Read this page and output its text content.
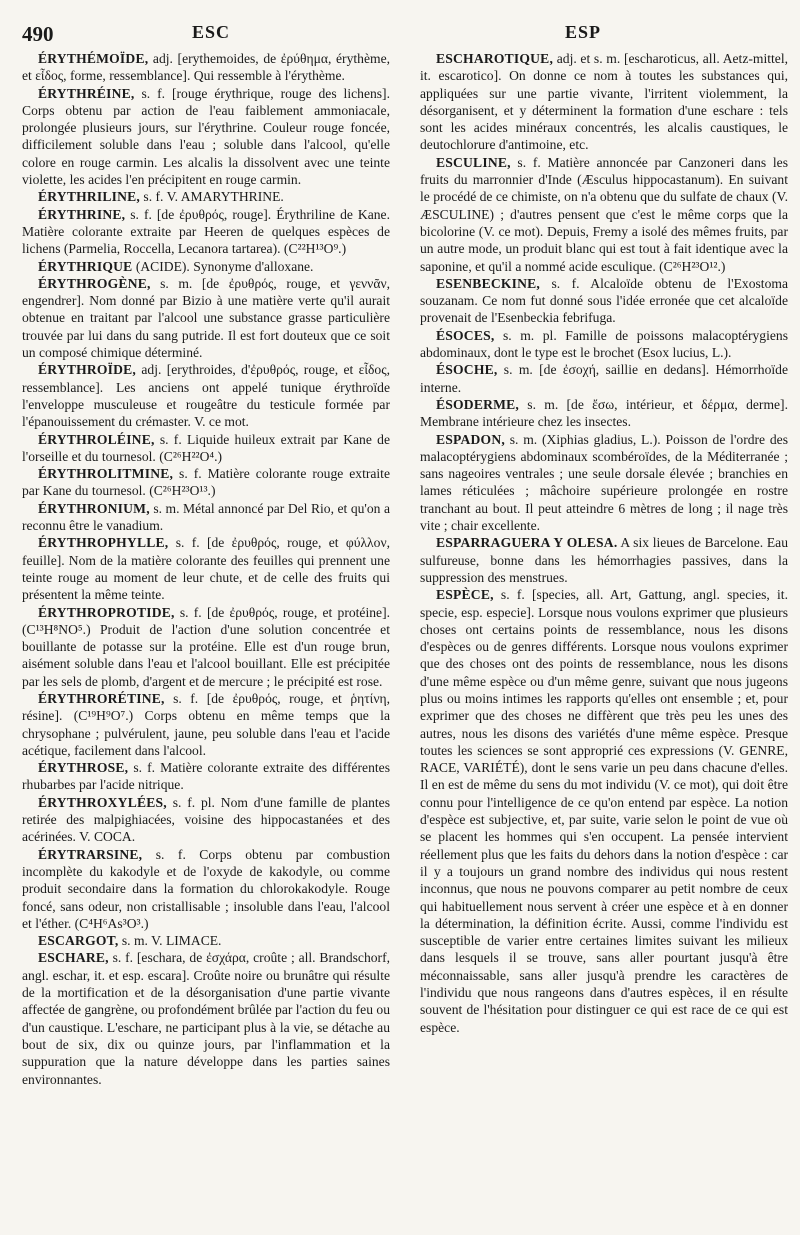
490	ESC	ESP

ÉRYTHÉMOÏDE, adj. [erythemoides, de ἐρύθημα, érythème, et εἶδος, forme, ressemblance]. Qui ressemble à l'érythème.

ÉRYTHRÉINE, s. f. [rouge érythrique, rouge des lichens]. Corps obtenu par action de l'eau faiblement ammoniacale, prolongée plusieurs jours, sur l'érythrine. Couleur rouge foncée, difficilement soluble dans l'eau ; soluble dans l'alcool, qu'elle colore en rouge carmin. Les alcalis la dissolvent avec une teinte violette, les acides l'en précipitent en rouge carmin.

ÉRYTHRILINE, s. f. V. AMARYTHRINE.

ÉRYTHRINE, s. f. [de ἐρυθρός, rouge]. Érythriline de Kane. Matière colorante extraite par Heeren de quelques espèces de lichens (Parmelia, Roccella, Lecanora tartarea). (C²²H¹³O⁹.)

ÉRYTHRIQUE (ACIDE). Synonyme d'alloxane.

ÉRYTHROGÈNE, s. m. [de ἐρυθρός, rouge, et γεννᾶν, engendrer]. Nom donné par Bizio à une matière verte qu'il aurait obtenue en traitant par l'alcool une substance grasse particulière trouvée par lui dans du sang putride. Il est fort douteux que ce soit un composé chimique déterminé.

ÉRYTHROÏDE, adj. [erythroides, d'ἐρυθρός, rouge, et εἶδος, ressemblance]. Les anciens ont appelé tunique érythroïde l'enveloppe musculeuse et rougeâtre du testicule formée par l'épanouissement du crémaster. V. ce mot.

ÉRYTHROLÉINE, s. f. Liquide huileux extrait par Kane de l'orseille et du tournesol. (C²⁶H²²O⁴.)

ÉRYTHROLITMINE, s. f. Matière colorante rouge extraite par Kane du tournesol. (C²⁶H²³O¹³.)

ÉRYTHRONIUM, s. m. Métal annoncé par Del Rio, et qu'on a reconnu être le vanadium.

ÉRYTHROPHYLLE, s. f. [de ἐρυθρός, rouge, et φύλλον, feuille]. Nom de la matière colorante des feuilles qui prennent une teinte rouge au moment de leur chute, et de celle des fruits qui présentent la même teinte.

ÉRYTHROPROTIDE, s. f. [de ἐρυθρός, rouge, et protéine]. (C¹³H⁸NO⁵.) Produit de l'action d'une solution concentrée et bouillante de potasse sur la protéine. Elle est d'un rouge brun, aisément soluble dans l'eau et l'alcool bouillant. Elle est précipitée par les sels de plomb, d'argent et de mercure ; le précipité est rose.

ÉRYTHRORÉTINE, s. f. [de ἐρυθρός, rouge, et ῥητίνη, résine]. (C¹⁹H⁹O⁷.) Corps obtenu en même temps que la chrysophane ; pulvérulent, jaune, peu soluble dans l'eau et l'acide acétique, facilement dans l'alcool.

ÉRYTHROSE, s. f. Matière colorante extraite des différentes rhubarbes par l'acide nitrique.

ÉRYTHROXYLÉES, s. f. pl. Nom d'une famille de plantes retirée des malpighiacées, voisine des hippocastanées et des acérinées. V. COCA.

ÉRYTRARSINE, s. f. Corps obtenu par combustion incomplète du kakodyle et de l'oxyde de kakodyle, ou comme produit secondaire dans la formation du chlorokakodyle. Rouge foncé, sans odeur, non cristallisable ; insoluble dans l'eau, l'alcool et l'éther. (C⁴H⁶As³O³.)

ESCARGOT, s. m. V. LIMACE.

ESCHARE, s. f. [eschara, de ἐσχάρα, croûte ; all. Brandschorf, angl. eschar, it. et esp. escara]. Croûte noire ou brunâtre qui résulte de la mortification et de la désorganisation d'une partie vivante affectée de gangrène, ou profondément brûlée par l'action du feu ou d'un caustique. L'eschare, ne participant plus à la vie, se détache au bout de six, dix ou quinze jours, par l'inflammation et la suppuration que la nature développe dans les parties saines environnantes.

ESCHAROTIQUE, adj. et s. m. [escharoticus, all. Aetz-mittel, it. escarotico]. On donne ce nom à toutes les substances qui, appliquées sur une partie vivante, l'irritent violemment, la désorganisent, et y déterminent la formation d'une eschare : tels sont les acides minéraux concentrés, les alcalis caustiques, le deutochlorure d'antimoine, etc.

ESCULINE, s. f. Matière annoncée par Canzoneri dans les fruits du marronnier d'Inde (Æsculus hippocastanum). En suivant le procédé de ce chimiste, on n'a obtenu que du sulfate de chaux (V. ÆSCULINE) ; d'autres pensent que c'est le même corps que la bicolorine (V. ce mot). Depuis, Fremy a isolé des mêmes fruits, par un autre mode, un produit blanc qui est tout à fait identique avec la saponine, et qu'il a nommé acide esculique. (C²⁶H²³O¹².)

ESENBECKINE, s. f. Alcaloïde obtenu de l'Exostoma souzanam. Ce nom fut donné sous l'idée erronée que cet alcaloïde provenait de l'Esenbeckia febrifuga.

ÉSOCES, s. m. pl. Famille de poissons malacoptérygiens abdominaux, dont le type est le brochet (Esox lucius, L.).

ÉSOCHE, s. m. [de ἐσοχή, saillie en dedans]. Hémorrhoïde interne.

ÉSODERME, s. m. [de ἔσω, intérieur, et δέρμα, derme]. Membrane intérieure chez les insectes.

ESPADON, s. m. (Xiphias gladius, L.). Poisson de l'ordre des malacoptérygiens abdominaux scombéroïdes, de la Méditerranée ; sans nageoires ventrales ; une seule dorsale élevée ; branchies en lames réticulées ; mâchoire supérieure prolongée en rostre tranchant au bout. Il peut atteindre 6 mètres de long ; il nage très vite ; chair excellente.

ESPARRAGUERA Y OLESA. A six lieues de Barcelone. Eau sulfureuse, bonne dans les hémorrhagies passives, dans la suppression des menstrues.

ESPÈCE, s. f. [species, all. Art, Gattung, angl. species, it. specie, esp. especie]. Lorsque nous voulons exprimer que plusieurs choses ont certains points de ressemblance, nous les disons d'espèces ou de genres différents. Lorsque nous voulons exprimer que des choses ont des points de ressemblance, nous les disons d'une même espèce ou d'un même genre, suivant que nous jugeons plus ou moins intimes les rapports qu'elles ont ensemble ; et, pour exprimer que des choses ne diffèrent que très peu les unes des autres, nous les disons des variétés d'une même espèce. Presque toutes les sciences se sont approprié ces expressions (V. GENRE, RACE, VARIÉTÉ), dont le sens varie un peu dans chacune d'elles. Il en est de même du sens du mot individu (V. ce mot), qui doit être connu pour l'intelligence de ce qu'on entend par espèce. La notion d'espèce est subjective, et, par suite, varie selon le point de vue où se placent les hommes qui s'en occupent. La pensée intervient réellement plus que les faits du dehors dans la notion d'espèce : car il y a toujours un grand nombre des individus qui nous restent inconnus, que nous ne pouvons comparer au petit nombre de ceux qui habituellement nous servent à créer une espèce et à en donner la détermination, la définition écrite. Aussi, comme l'individu est susceptible de varier entre certaines limites suivant les milieux dans lesquels il se trouve, sans aller pourtant jusqu'à être méconnaissable, sans aller jusqu'à prendre les caractères de l'individu que nous rangeons dans d'autres espèces, il en résulte souvent de l'hésitation pour distinguer ce qui est race de ce qui est espèce.
